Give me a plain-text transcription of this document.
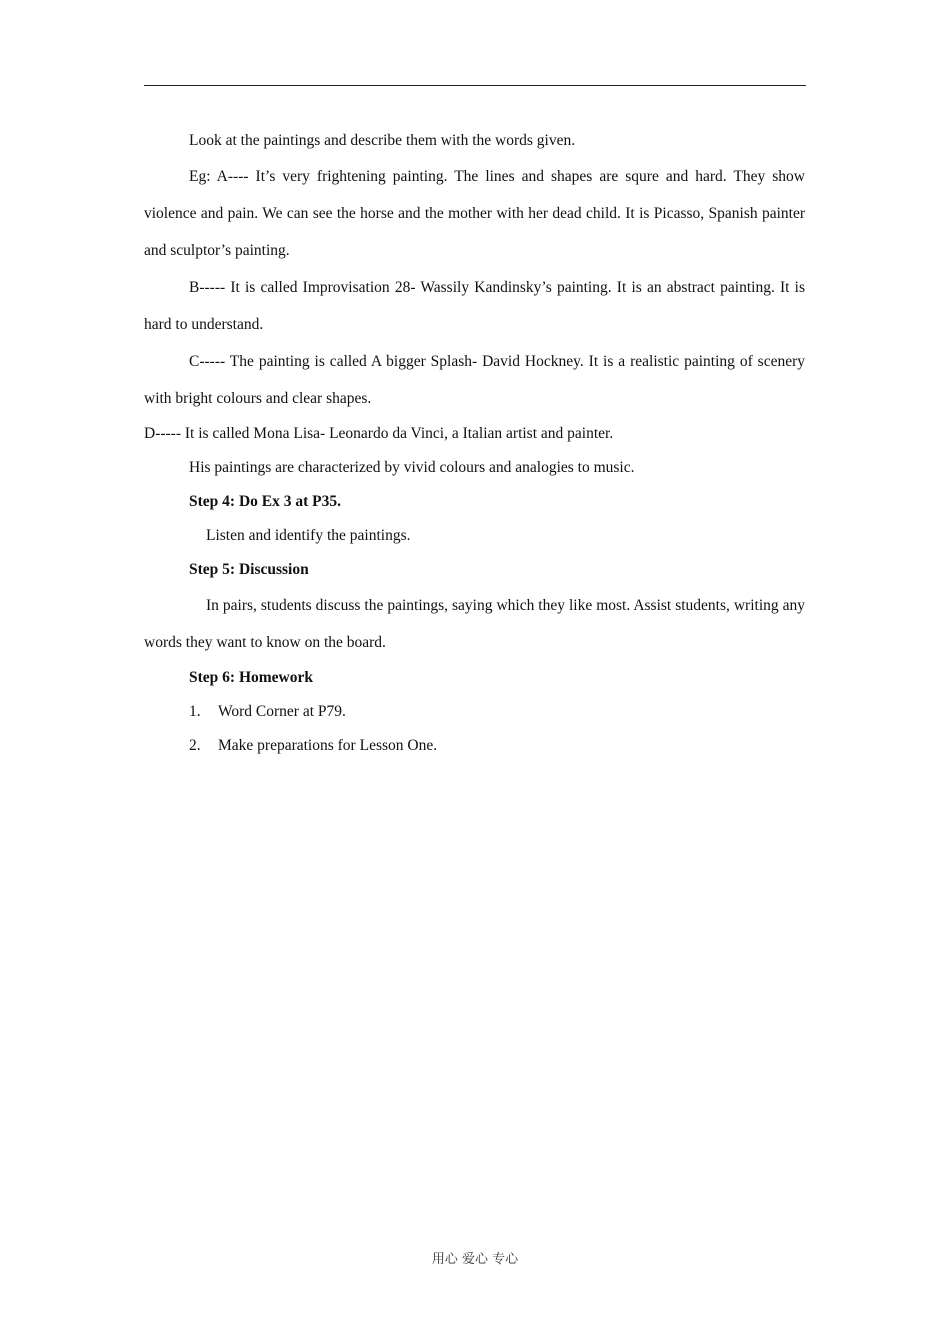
Look at the paintings and describe them with the words given.

Eg: A---- It’s very frightening painting. The lines and shapes are squre and hard. They show violence and pain. We can see the horse and the mother with her dead child. It is Picasso, Spanish painter and sculptor’s painting.

B----- It is called Improvisation 28- Wassily Kandinsky’s painting. It is an abstract painting. It is hard to understand.

C----- The painting is called A bigger Splash- David Hockney. It is a realistic painting of scenery with bright colours and clear shapes.

D----- It is called Mona Lisa- Leonardo da Vinci, a Italian artist and painter.

His paintings are characterized by vivid colours and analogies to music.

Step 4: Do Ex 3 at P35.

Listen and identify the paintings.

Step 5: Discussion

In pairs, students discuss the paintings, saying which they like most. Assist students, writing any words they want to know on the board.

Step 6: Homework

1.	Word Corner at P79.
2.	Make preparations for Lesson One.
用心 爱心 专心
